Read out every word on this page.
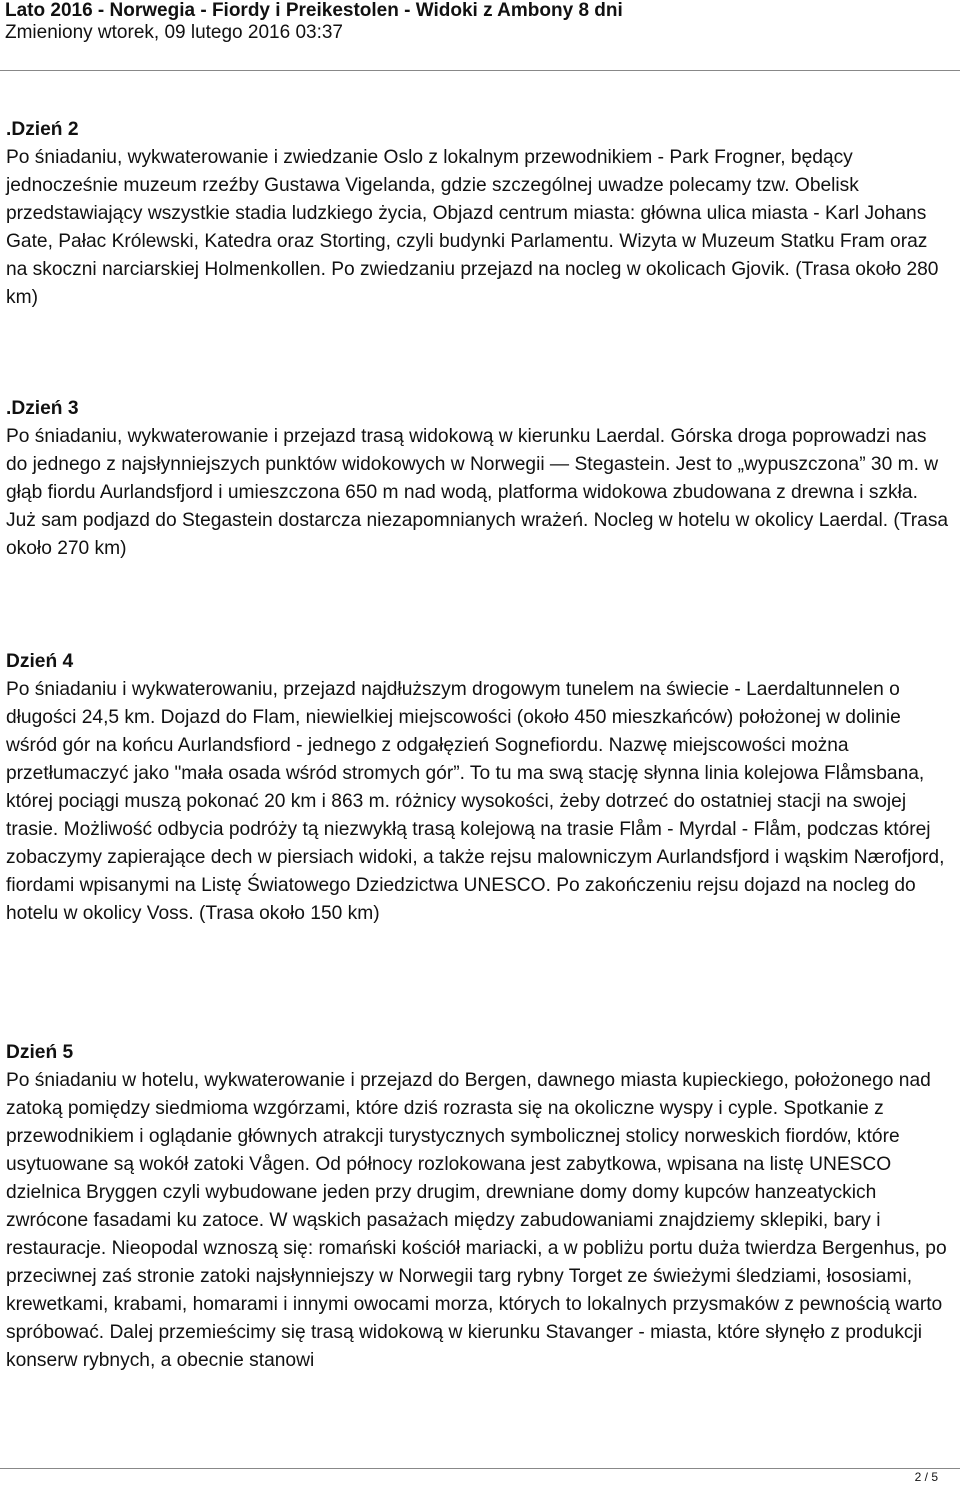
Lato 2016 - Norwegia - Fiordy i Preikestolen - Widoki z Ambony 8 dni
Zmieniony wtorek, 09 lutego 2016 03:37
.Dzień 2

Po śniadaniu, wykwaterowanie i zwiedzanie Oslo z lokalnym przewodnikiem - Park Frogner, będący jednocześnie muzeum rzeźby Gustawa Vigelanda, gdzie szczególnej uwadze polecamy tzw. Obelisk przedstawiający wszystkie stadia ludzkiego życia, Objazd centrum miasta: główna ulica miasta - Karl Johans Gate, Pałac Królewski, Katedra oraz Storting, czyli budynki Parlamentu. Wizyta w Muzeum Statku Fram oraz na skoczni narciarskiej Holmenkollen. Po zwiedzaniu przejazd na nocleg w okolicach Gjovik. (Trasa około 280 km)

.Dzień 3

Po śniadaniu, wykwaterowanie i przejazd trasą widokową w kierunku Laerdal. Górska droga poprowadzi nas do jednego z najsłynniejszych punktów widokowych w Norwegii — Stegastein. Jest to „wypuszczona” 30 m. w głąb fiordu Aurlandsfjord i umieszczona 650 m nad wodą, platforma widokowa zbudowana z drewna i szkła. Już sam podjazd do Stegastein dostarcza niezapomnianych wrażeń. Nocleg w hotelu w okolicy Laerdal. (Trasa około 270 km)

Dzień 4

Po śniadaniu i wykwaterowaniu, przejazd najdłuższym drogowym tunelem na świecie - Laerdaltunnelen o długości 24,5 km. Dojazd do Flam, niewielkiej miejscowości (około 450 mieszkańców) położonej w dolinie wśród gór na końcu Aurlandsfiord - jednego z odgałęzień Sognefiordu. Nazwę miejscowości można przetłumaczyć jako "mała osada wśród stromych gór”. To tu ma swą stację słynna linia kolejowa Flåmsbana, której pociągi muszą pokonać 20 km i 863 m. różnicy wysokości, żeby dotrzeć do ostatniej stacji na swojej trasie. Możliwość odbycia podróży tą niezwykłą trasą kolejową na trasie Flåm - Myrdal - Flåm, podczas której zobaczymy zapierające dech w piersiach widoki, a także rejsu malowniczym Aurlandsfjord i wąskim Nærofjord, fiordami wpisanymi na Listę Światowego Dziedzictwa UNESCO. Po zakończeniu rejsu dojazd na nocleg do hotelu w okolicy Voss. (Trasa około 150 km)

Dzień 5

Po śniadaniu w hotelu, wykwaterowanie i przejazd do Bergen, dawnego miasta kupieckiego, położonego nad zatoką pomiędzy siedmioma wzgórzami, które dziś rozrasta się na okoliczne wyspy i cyple. Spotkanie z przewodnikiem i oglądanie głównych atrakcji turystycznych symbolicznej stolicy norweskich fiordów, które usytuowane są wokół zatoki Vågen. Od północy rozlokowana jest zabytkowa, wpisana na listę UNESCO dzielnica Bryggen czyli wybudowane jeden przy drugim, drewniane domy domy kupców hanzeatyckich zwrócone fasadami ku zatoce. W wąskich pasażach między zabudowaniami znajdziemy sklepiki, bary i restauracje. Nieopodal wznoszą się: romański kościół mariacki, a w pobliżu portu duża twierdza Bergenhus, po przeciwnej zaś stronie zatoki najsłynniejszy w Norwegii targ rybny Torget ze świeżymi śledziami, łososiami, krewetkami, krabami, homarami i innymi owocami morza, których to lokalnych przysmaków z pewnością warto spróbować. Dalej przemieścimy się trasą widokową w kierunku Stavanger - miasta, które słynęło z produkcji konserw rybnych, a obecnie stanowi

2 / 5
